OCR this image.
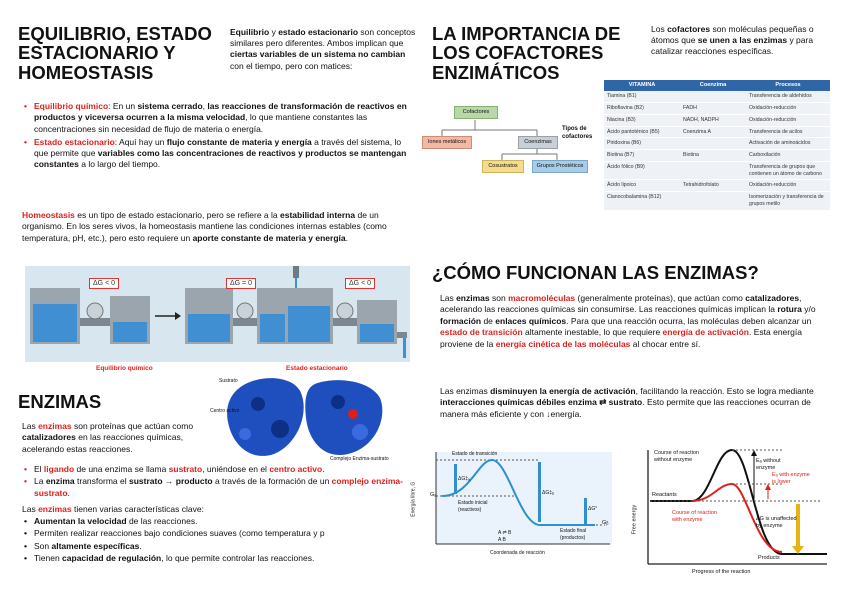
EQUILIBRIO, ESTADO ESTACIONARIO Y HOMEOSTASIS
Equilibrio y estado estacionario son conceptos similares pero diferentes. Ambos implican que ciertas variables de un sistema no cambian con el tiempo, pero con matices:
• Equilibrio químico: En un sistema cerrado, las reacciones de transformación de reactivos en productos y viceversa ocurren a la misma velocidad, lo que mantiene constantes las concentraciones sin necesidad de flujo de materia o energía.
• Estado estacionario: Aquí hay un flujo constante de materia y energía a través del sistema, lo que permite que variables como las concentraciones de reactivos y productos se mantengan constantes a lo largo del tiempo.
Homeostasis es un tipo de estado estacionario, pero se refiere a la estabilidad interna de un organismo. En los seres vivos, la homeostasis mantiene las condiciones internas estables (como temperatura, pH, etc.), pero esto requiere un aporte constante de materia y energía.
ΔG < 0	ΔG = 0	ΔG < 0
Equilibrio químico	Estado estacionario
ENZIMAS
Sustrato
Centro activo
Complejo Enzima-sustrato
Las enzimas son proteínas que actúan como catalizadores en las reacciones químicas, acelerando estas reacciones.
• El ligando de una enzima se llama sustrato, uniéndose en el centro activo.
• La enzima transforma el sustrato → producto a través de la formación de un complejo enzima-sustrato.
Las enzimas tienen varias características clave:
• Aumentan la velocidad de las reacciones.
• Permiten realizar reacciones bajo condiciones suaves (como temperatura y p
• Son altamente específicas.
• Tienen capacidad de regulación, lo que permite controlar las reacciones.
LA IMPORTANCIA DE LOS COFACTORES ENZIMÁTICOS
Los cofactores son moléculas pequeñas o átomos que se unen a las enzimas y para catalizar reacciones específicas.
Cofactores
Iones metálicos	Coenzimas
Cosustratos	Grupos Prostéticos
Tipos de cofactores
VITAMINA	Coenzima	Procesos
Tiamina (B1)		Transferencia de aldehídos
Riboflavina (B2)	FADH	Oxidación-reducción
Niacina (B3)	NADH, NADPH	Oxidación-reducción
Ácido pantoténico (B5)	Coenzima A	Transferencia de acilos
Piridoxina (B6)		Activación de aminoácidos
Biotina (B7)	Biotina	Carboxilación
Ácido fólico (B9)		Transferencia de grupos que contienen un átomo de carbono
Ácido lipoico	Tetrahidrofolato	Oxidación-reducción
Cianocobalamina (B12)		Isomerización y transferencia de grupos metilo
¿CÓMO FUNCIONAN LAS ENZIMAS?
Las enzimas son macromoléculas (generalmente proteínas), que actúan como catalizadores, acelerando las reacciones químicas sin consumirse. Las reacciones químicas implican la rotura y/o formación de enlaces químicos. Para que una reacción ocurra, las moléculas deben alcanzar un estado de transición altamente inestable, lo que requiere energía de activación. Esta energía proviene de la energía cinética de las moléculas al chocar entre sí.
Las enzimas disminuyen la energía de activación, facilitando la reacción. Esto se logra mediante interacciones químicas débiles enzima ⇄ sustrato. Esto permite que las reacciones ocurran de manera más eficiente y con ↓energía.
Estado de transición
Gₐ
Gᵦ
Estado inicial (reactivos)
Estado final (productos)
ΔG‡ₐ
ΔG‡ᵦ
ΔG°
A ⇌ B
A B
Coordenada de reacción
Energía libre, G
Course of reaction without enzyme
Course of reaction with enzyme
Eₐ without enzyme
Eₐ with enzyme is lower
Reactants
Products
ΔG is unaffected by enzyme
Progress of the reaction
Free energy
